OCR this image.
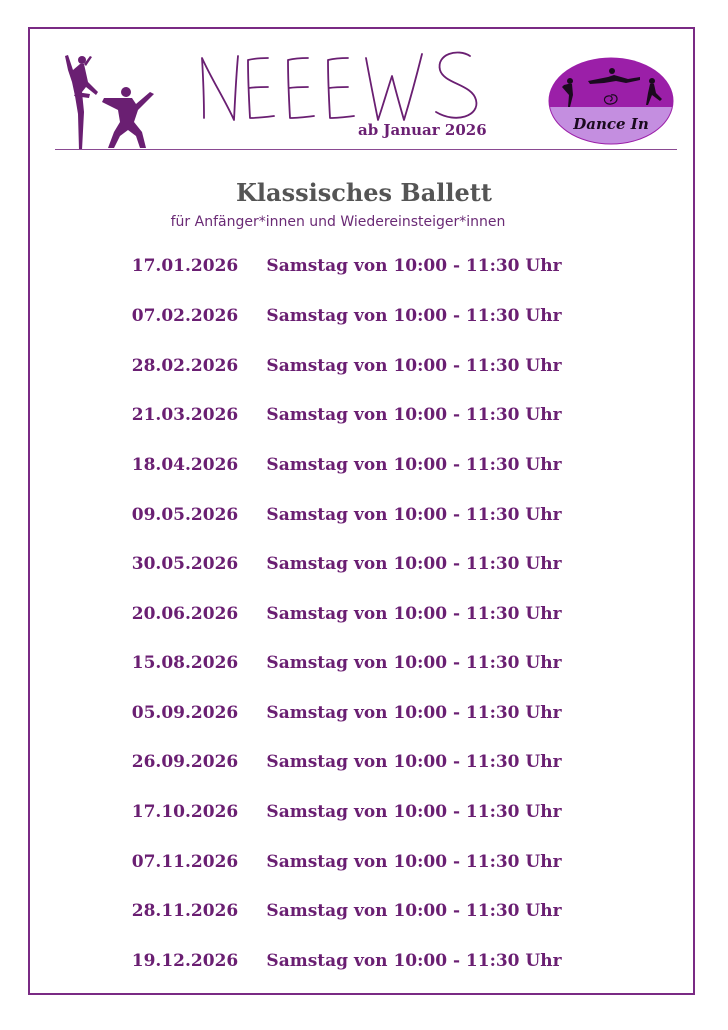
NEEEWS
ab Januar 2026	Dance In
Klassisches Ballett
für Anfänger*innen und Wiedereinsteiger*innen
17.01.2026	Samstag von 10:00 - 11:30 Uhr
07.02.2026	Samstag von 10:00 - 11:30 Uhr
28.02.2026	Samstag von 10:00 - 11:30 Uhr
21.03.2026	Samstag von 10:00 - 11:30 Uhr
18.04.2026	Samstag von 10:00 - 11:30 Uhr
09.05.2026	Samstag von 10:00 - 11:30 Uhr
30.05.2026	Samstag von 10:00 - 11:30 Uhr
20.06.2026	Samstag von 10:00 - 11:30 Uhr
15.08.2026	Samstag von 10:00 - 11:30 Uhr
05.09.2026	Samstag von 10:00 - 11:30 Uhr
26.09.2026	Samstag von 10:00 - 11:30 Uhr
17.10.2026	Samstag von 10:00 - 11:30 Uhr
07.11.2026	Samstag von 10:00 - 11:30 Uhr
28.11.2026	Samstag von 10:00 - 11:30 Uhr
19.12.2026	Samstag von 10:00 - 11:30 Uhr
